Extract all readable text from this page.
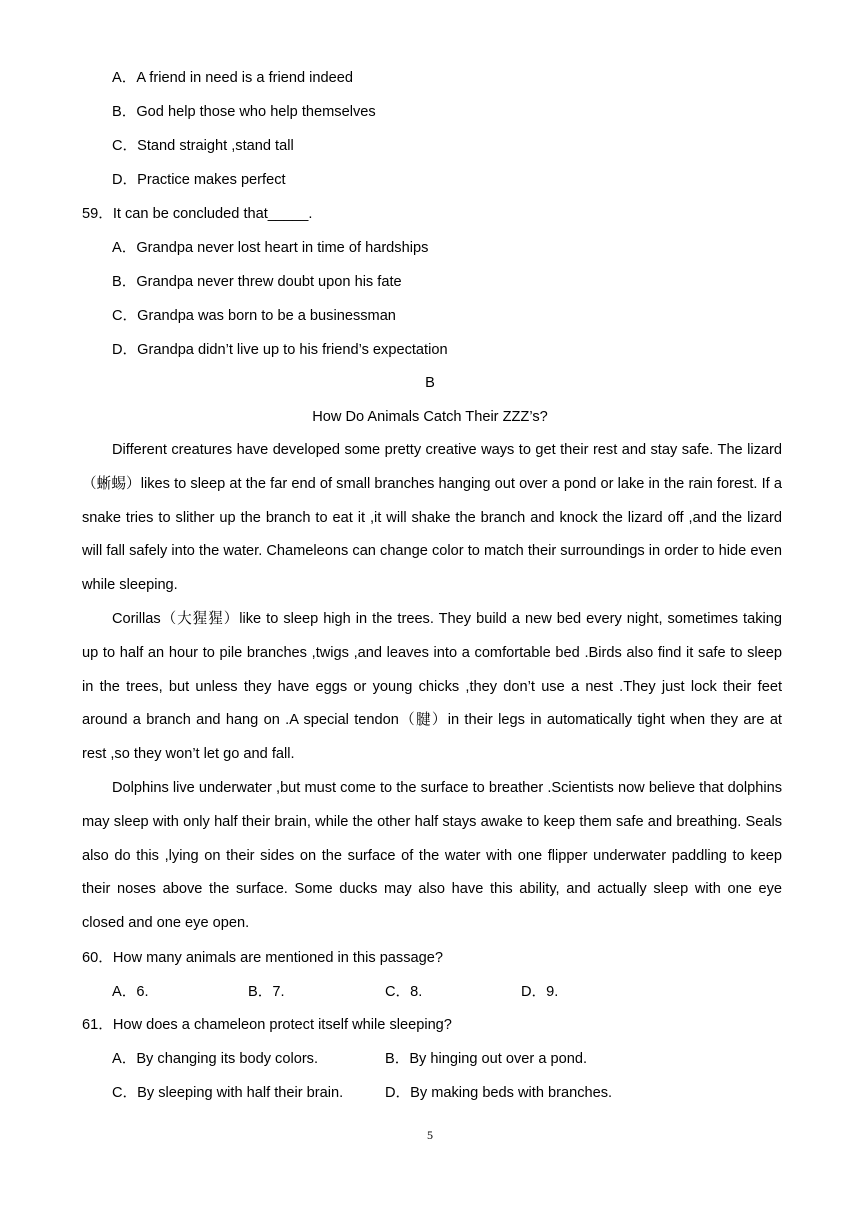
A．A friend in need is a friend indeed
B．God help those who help themselves
C．Stand straight ,stand tall
D．Practice makes perfect
59．It can be concluded that_____.
A．Grandpa never lost heart in time of hardships
B．Grandpa never threw doubt upon his fate
C．Grandpa was born to be a businessman
D．Grandpa didn’t live up to his friend’s expectation
B
How Do Animals Catch Their ZZZ’s?
Different creatures have developed some pretty creative ways to get their rest and stay safe. The lizard（蜥蜴）likes to sleep at the far end of small branches hanging out over a pond or lake in the rain forest. If a snake tries to slither up the branch to eat it ,it will shake the branch and knock the lizard off ,and the lizard will fall safely into the water. Chameleons can change color to match their surroundings in order to hide even while sleeping.
Corillas（大猩猩）like to sleep high in the trees. They build a new bed every night, sometimes taking up to half an hour to pile branches ,twigs ,and leaves into a comfortable bed .Birds also find it safe to sleep in the trees, but unless they have eggs or young chicks ,they don’t use a nest .They just lock their feet around a branch and hang on .A special tendon（腱）in their legs in automatically tight when they are at rest ,so they won’t let go and fall.
Dolphins live underwater ,but must come to the surface to breather .Scientists now believe that dolphins may sleep with only half their brain, while the other half stays awake to keep them safe and breathing. Seals also do this ,lying on their sides on the surface of the water with one flipper underwater paddling to keep their noses above the surface. Some ducks may also have this ability, and actually sleep with one eye closed and one eye open.
60．How many animals are mentioned in this passage?
A．6.	B．7.	C．8.	D．9.
61．How does a chameleon protect itself while sleeping?
A．By changing its body colors.	B．By hinging out over a pond.
C．By sleeping with half their brain.	D．By making beds with branches.
5
